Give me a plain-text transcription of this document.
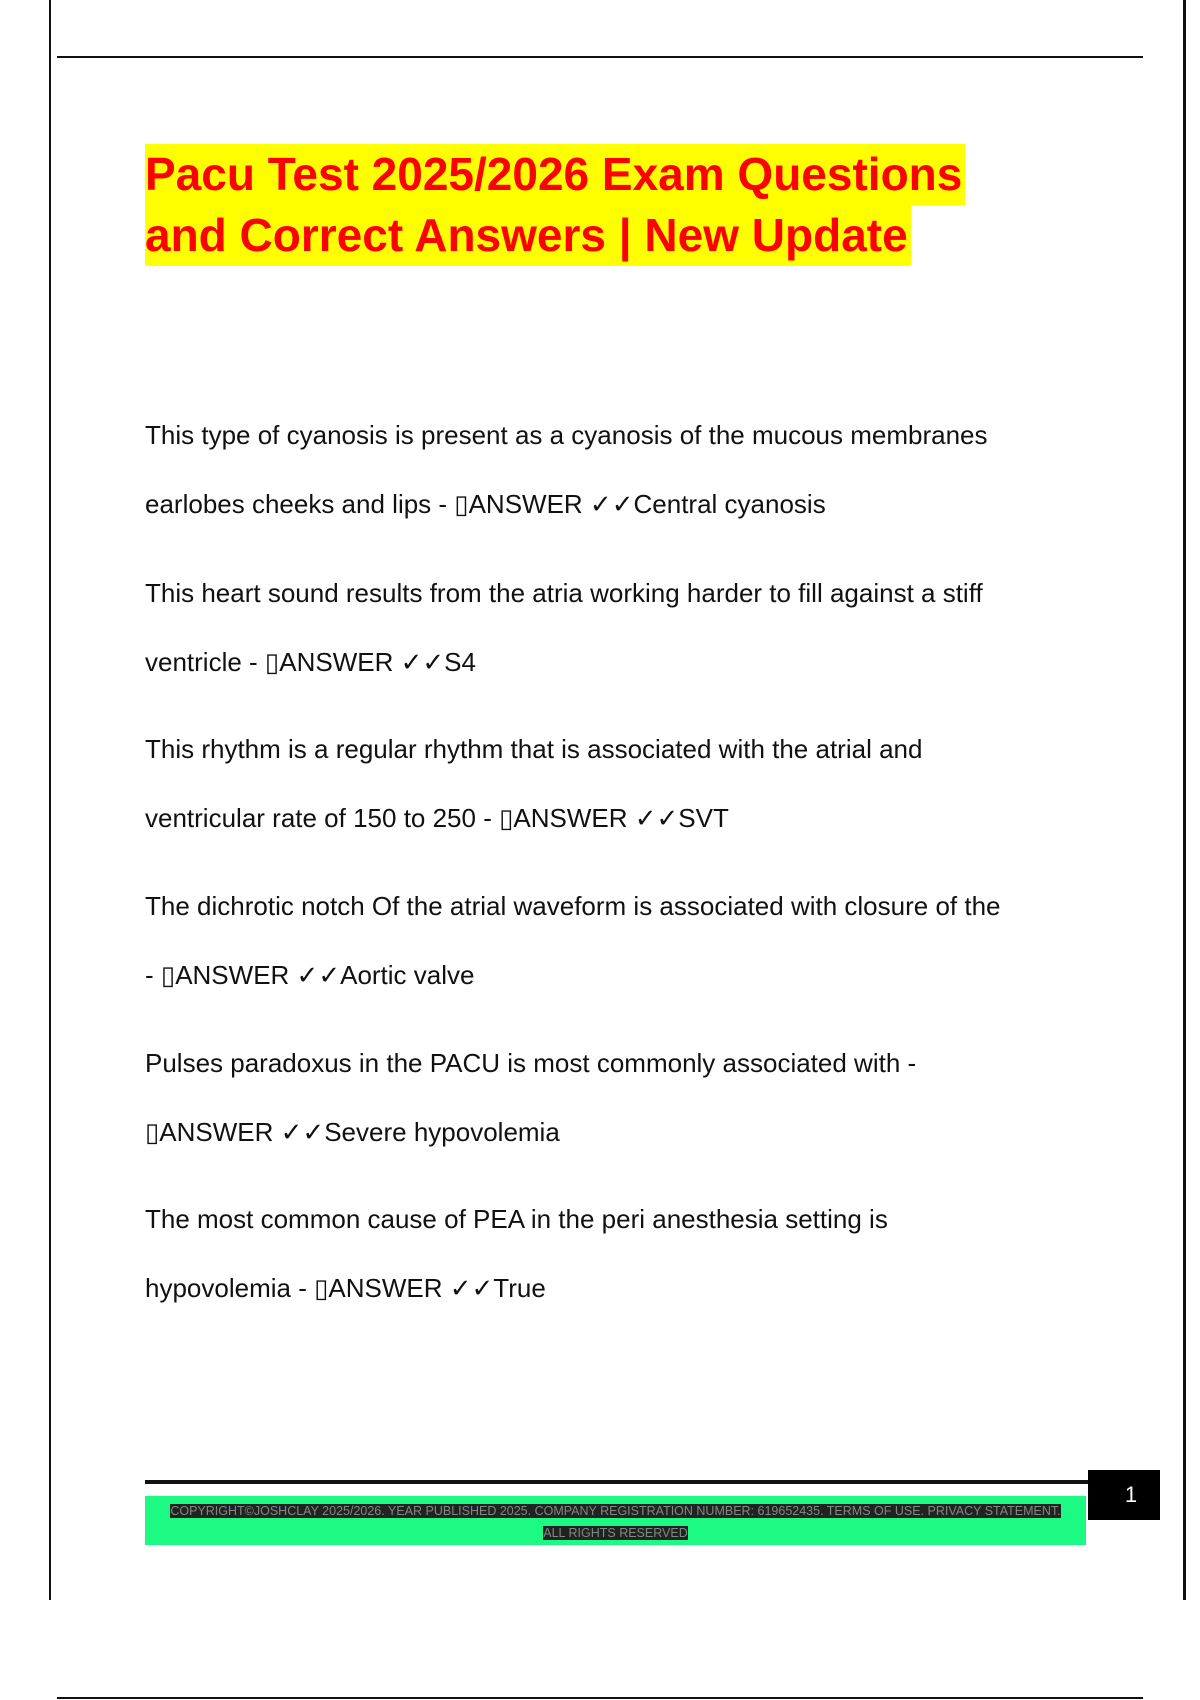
Pacu Test 2025/2026 Exam Questions
and Correct Answers | New Update
This type of cyanosis is present as a cyanosis of the mucous membranes
earlobes cheeks and lips - ▯ANSWER ✓✓Central cyanosis
This heart sound results from the atria working harder to fill against a stiff
ventricle - ▯ANSWER ✓✓S4
This rhythm is a regular rhythm that is associated with the atrial and
ventricular rate of 150 to 250 - ▯ANSWER ✓✓SVT
The dichrotic notch Of the atrial waveform is associated with closure of the
- ▯ANSWER ✓✓Aortic valve
Pulses paradoxus in the PACU is most commonly associated with -
▯ANSWER ✓✓Severe hypovolemia
The most common cause of PEA in the peri anesthesia setting is
hypovolemia - ▯ANSWER ✓✓True
COPYRIGHT©JOSHCLAY 2025/2026. YEAR PUBLISHED 2025. COMPANY REGISTRATION NUMBER: 619652435. TERMS OF USE. PRIVACY STATEMENT. ALL RIGHTS RESERVED
1
